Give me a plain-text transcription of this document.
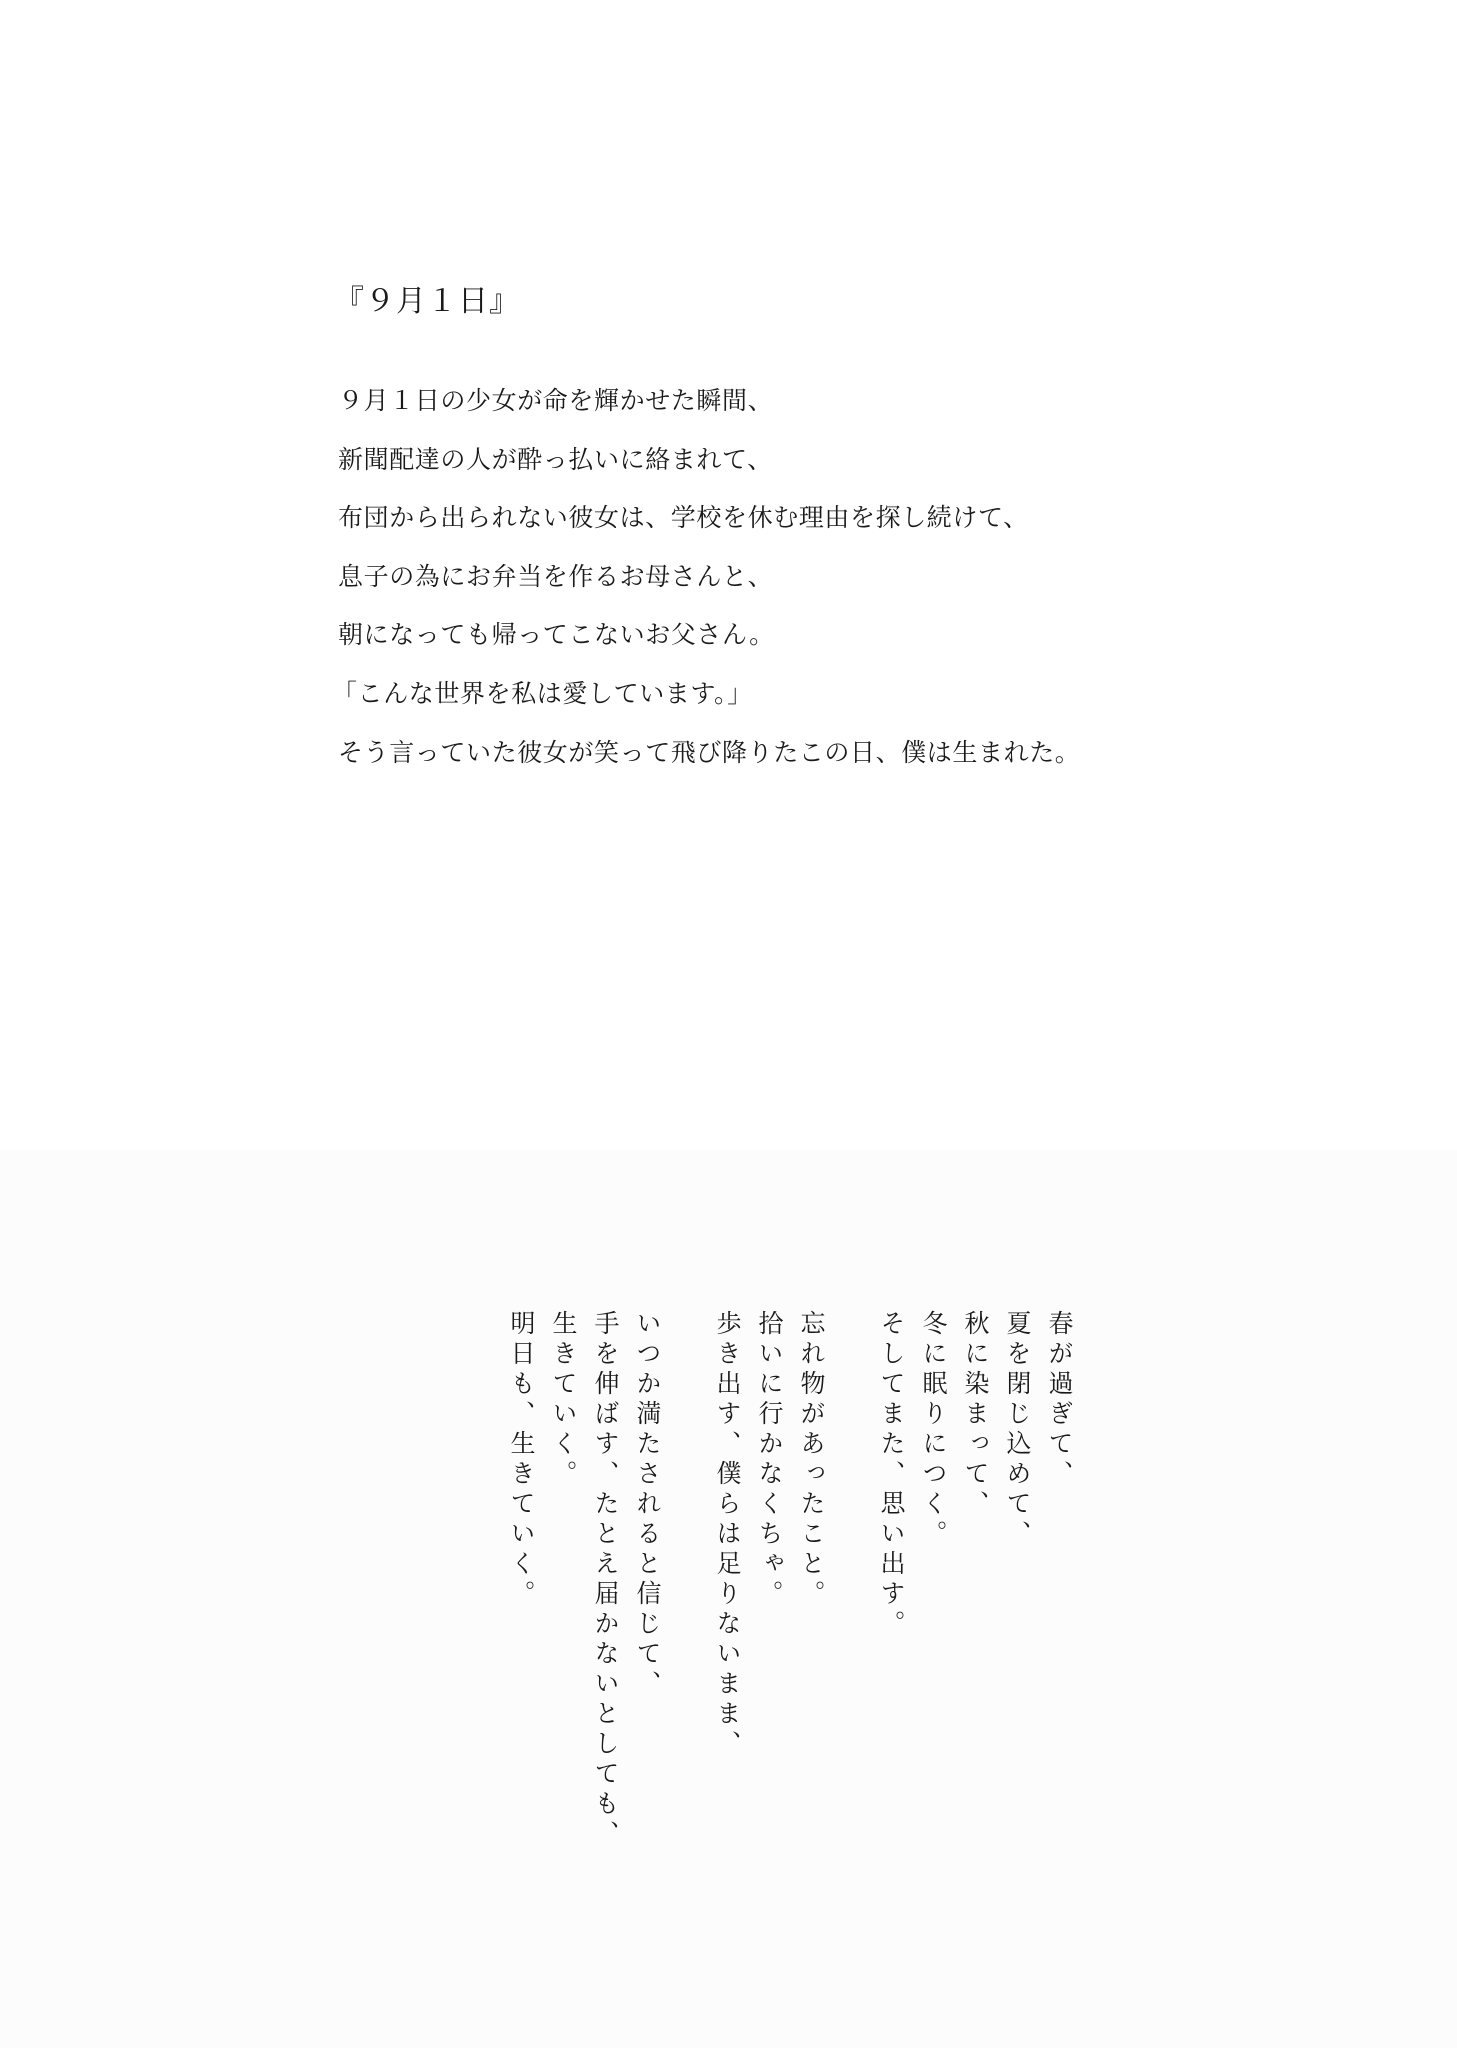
『９月１日』
９月１日の少女が命を輝かせた瞬間、
新聞配達の人が酔っ払いに絡まれて、
布団から出られない彼女は、学校を休む理由を探し続けて、
息子の為にお弁当を作るお母さんと、
朝になっても帰ってこないお父さん。
「こんな世界を私は愛しています。」
そう言っていた彼女が笑って飛び降りたこの日、僕は生まれた。
春が過ぎて、
夏を閉じ込めて、
秋に染まって、
冬に眠りにつく。
そしてまた、思い出す。
忘れ物があったこと。
拾いに行かなくちゃ。
歩き出す、僕らは足りないまま、
いつか満たされると信じて、
手を伸ばす、たとえ届かないとしても、
生きていく。
明日も、生きていく。
